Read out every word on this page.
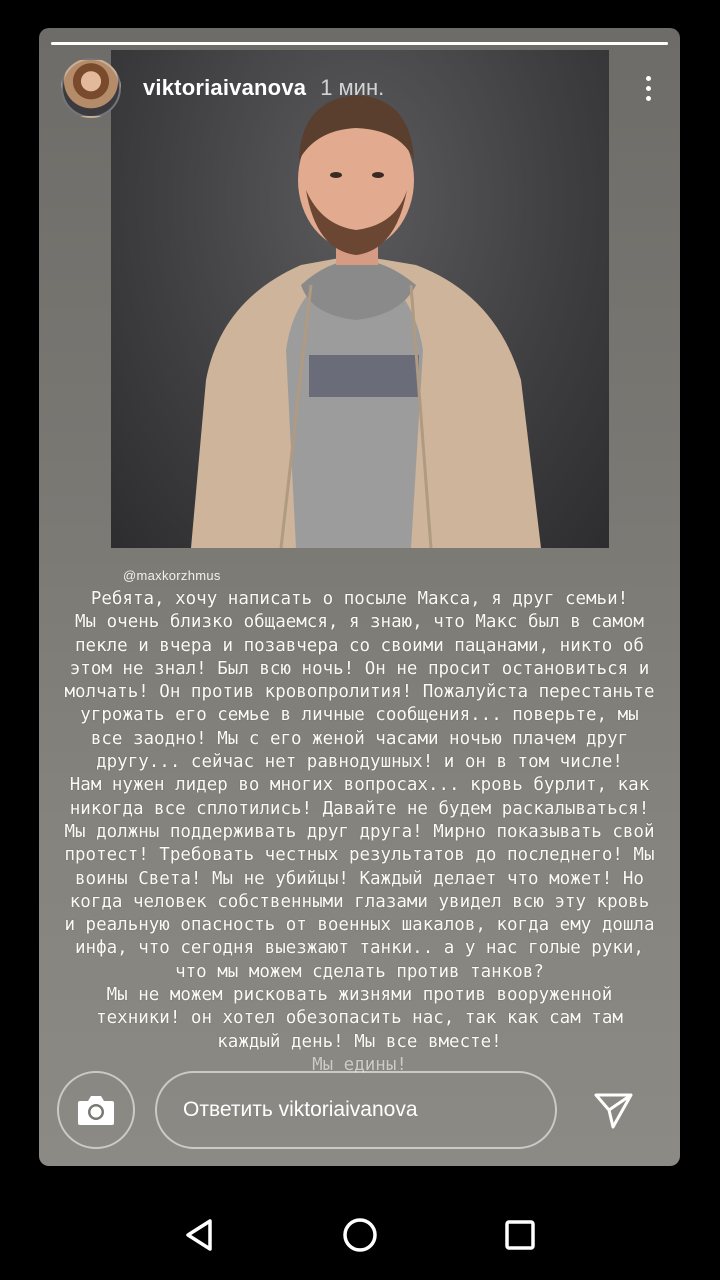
viktoriaivanova 1 мин.
@maxkorzhmus
Ребята, хочу написать о посыле Макса, я друг семьи!
Мы очень близко общаемся, я знаю, что Макс был в самом пекле и вчера и позавчера со своими пацанами, никто об этом не знал! Был всю ночь! Он не просит остановиться и молчать! Он против кровопролития! Пожалуйста перестаньте угрожать его семье в личные сообщения... поверьте, мы все заодно! Мы с его женой часами ночью плачем друг другу... сейчас нет равнодушных! и он в том числе!
Нам нужен лидер во многих вопросах... кровь бурлит, как никогда все сплотились! Давайте не будем раскалываться! Мы должны поддерживать друг друга! Мирно показывать свой протест! Требовать честных результатов до последнего! Мы воины Света! Мы не убийцы! Каждый делает что может! Но когда человек собственными глазами увидел всю эту кровь и реальную опасность от военных шакалов, когда ему дошла инфа, что сегодня выезжают танки.. а у нас голые руки, что мы можем сделать против танков?
Мы не можем рисковать жизнями против вооруженной техники! он хотел обезопасить нас, так как сам там каждый день! Мы все вместе!
Мы едины!
Ответить viktoriaivanova
